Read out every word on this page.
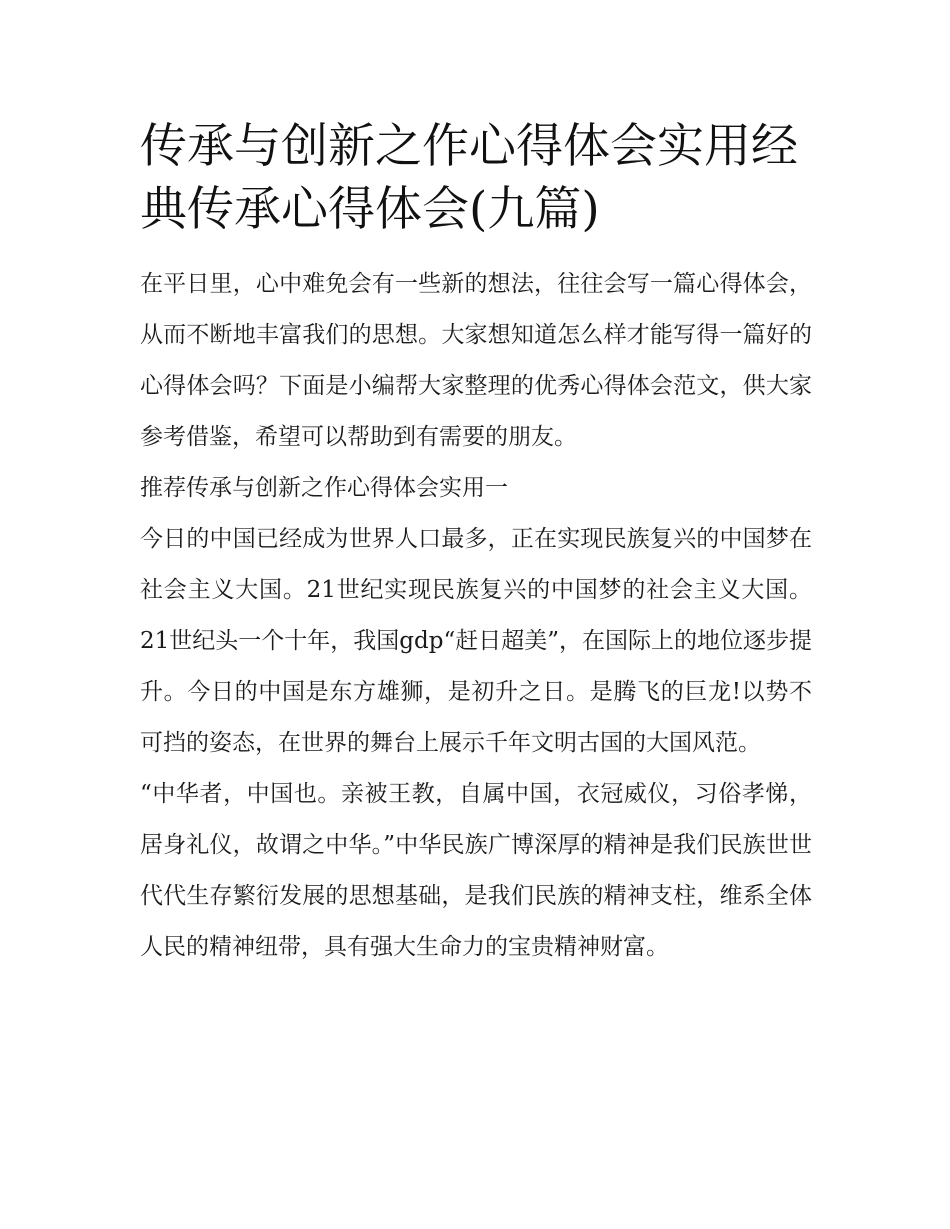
传承与创新之作心得体会实用经典传承心得体会(九篇)

在平日里，心中难免会有一些新的想法，往往会写一篇心得体会，从而不断地丰富我们的思想。大家想知道怎么样才能写得一篇好的心得体会吗？下面是小编帮大家整理的优秀心得体会范文，供大家参考借鉴，希望可以帮助到有需要的朋友。

推荐传承与创新之作心得体会实用一

今日的中国已经成为世界人口最多，正在实现民族复兴的中国梦在社会主义大国。21世纪实现民族复兴的中国梦的社会主义大国。21世纪头一个十年，我国gdp“赶日超美”，在国际上的地位逐步提升。今日的中国是东方雄狮，是初升之日。是腾飞的巨龙!以势不可挡的姿态，在世界的舞台上展示千年文明古国的大国风范。

“中华者，中国也。亲被王教，自属中国，衣冠威仪，习俗孝悌，居身礼仪，故谓之中华。”中华民族广博深厚的精神是我们民族世世代代生存繁衍发展的思想基础，是我们民族的精神支柱，维系全体人民的精神纽带，具有强大生命力的宝贵精神财富。
